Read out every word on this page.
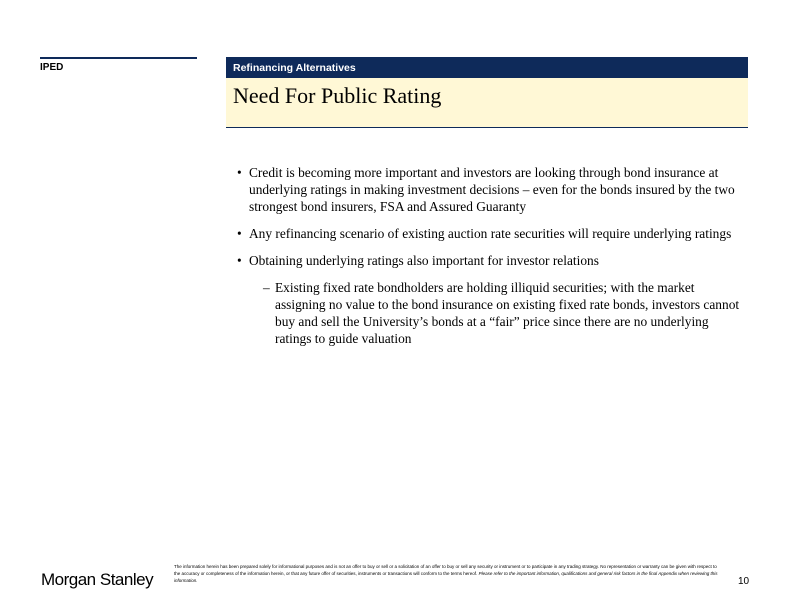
IPED	Refinancing Alternatives
Need For Public Rating
• Credit is becoming more important and investors are looking through bond insurance at underlying ratings in making investment decisions – even for the bonds insured by the two strongest bond insurers, FSA and Assured Guaranty
• Any refinancing scenario of existing auction rate securities will require underlying ratings
• Obtaining underlying ratings also important for investor relations
– Existing fixed rate bondholders are holding illiquid securities; with the market assigning no value to the bond insurance on existing fixed rate bonds, investors cannot buy and sell the University’s bonds at a “fair” price since there are no underlying ratings to guide valuation
Morgan Stanley
The information herein has been prepared solely for informational purposes and is not an offer to buy or sell or a solicitation of an offer to buy or sell any security or instrument or to participate in any trading strategy. No representation or warranty can be given with respect to the accuracy or completeness of the information herein, or that any future offer of securities, instruments or transactions will conform to the terms hereof. Please refer to the important information, qualifications and general risk factors in the final Appendix when reviewing this information.	10
